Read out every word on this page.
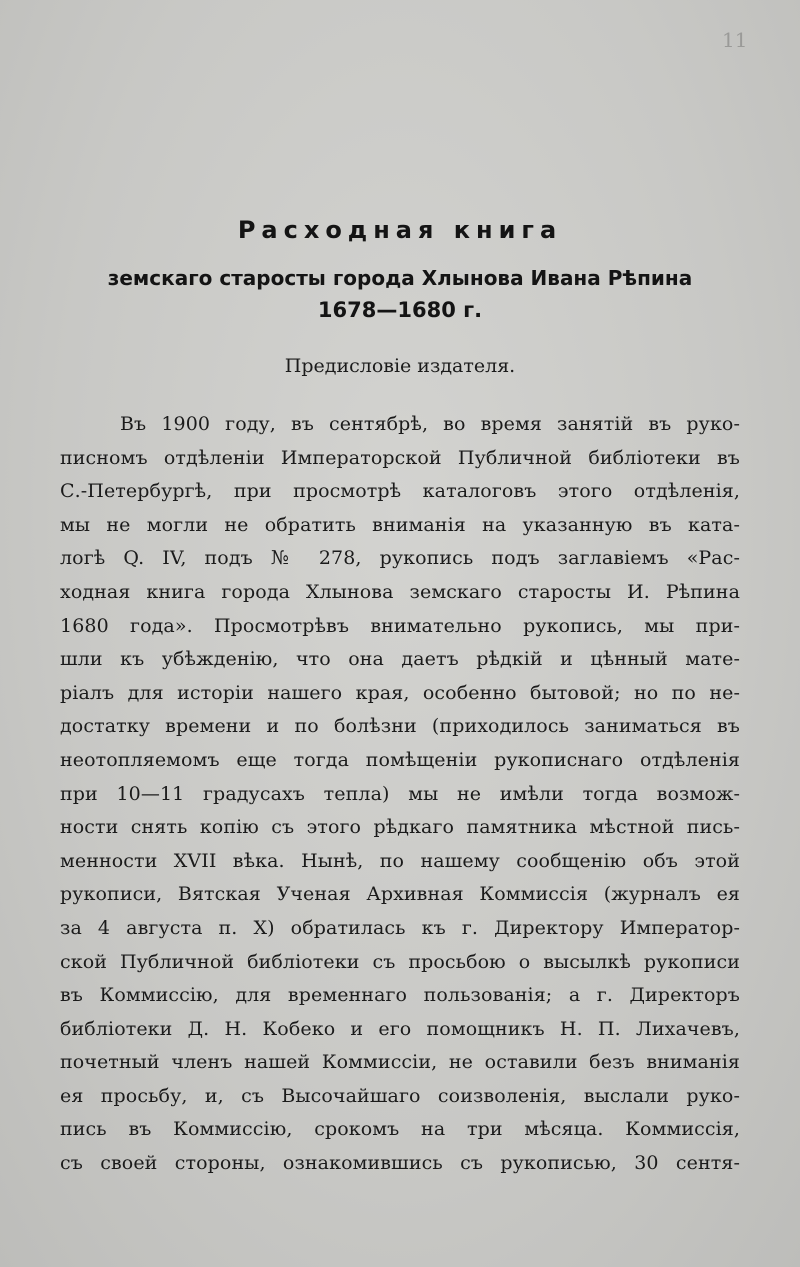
11
Расходная книга
земскаго старосты города Хлынова Ивана Рѣпина
1678—1680 г.
Предисловіе издателя.
Въ 1900 году, въ сентябрѣ, во время занятій въ руко-
писномъ отдѣленіи Императорской Публичной библіотеки въ
С.-Петербургѣ, при просмотрѣ каталоговъ этого отдѣленія,
мы не могли не обратить вниманія на указанную въ ката-
логѣ Q. IV, подъ № 278, рукопись подъ заглавіемъ «Рас-
ходная книга города Хлынова земскаго старосты И. Рѣпина
1680 года». Просмотрѣвъ внимательно рукопись, мы при-
шли къ убѣжденію, что она даетъ рѣдкій и цѣнный мате-
ріалъ для исторіи нашего края, особенно бытовой; но по не-
достатку времени и по болѣзни (приходилось заниматься въ
неотопляемомъ еще тогда помѣщеніи рукописнаго отдѣленія
при 10—11 градусахъ тепла) мы не имѣли тогда возмож-
ности снять копію съ этого рѣдкаго памятника мѣстной пись-
менности XVII вѣка. Нынѣ, по нашему сообщенію объ этой
рукописи, Вятская Ученая Архивная Коммиссія (журналъ ея
за 4 августа п. X) обратилась къ г. Директору Император-
ской Публичной библіотеки съ просьбою о высылкѣ рукописи
въ Коммиссію, для временнаго пользованія; а г. Директоръ
библіотеки Д. Н. Кобеко и его помощникъ Н. П. Лихачевъ,
почетный членъ нашей Коммиссіи, не оставили безъ вниманія
ея просьбу, и, съ Высочайшаго соизволенія, выслали руко-
пись въ Коммиссію, срокомъ на три мѣсяца. Коммиссія,
съ своей стороны, ознакомившись съ рукописью, 30 сентя-
